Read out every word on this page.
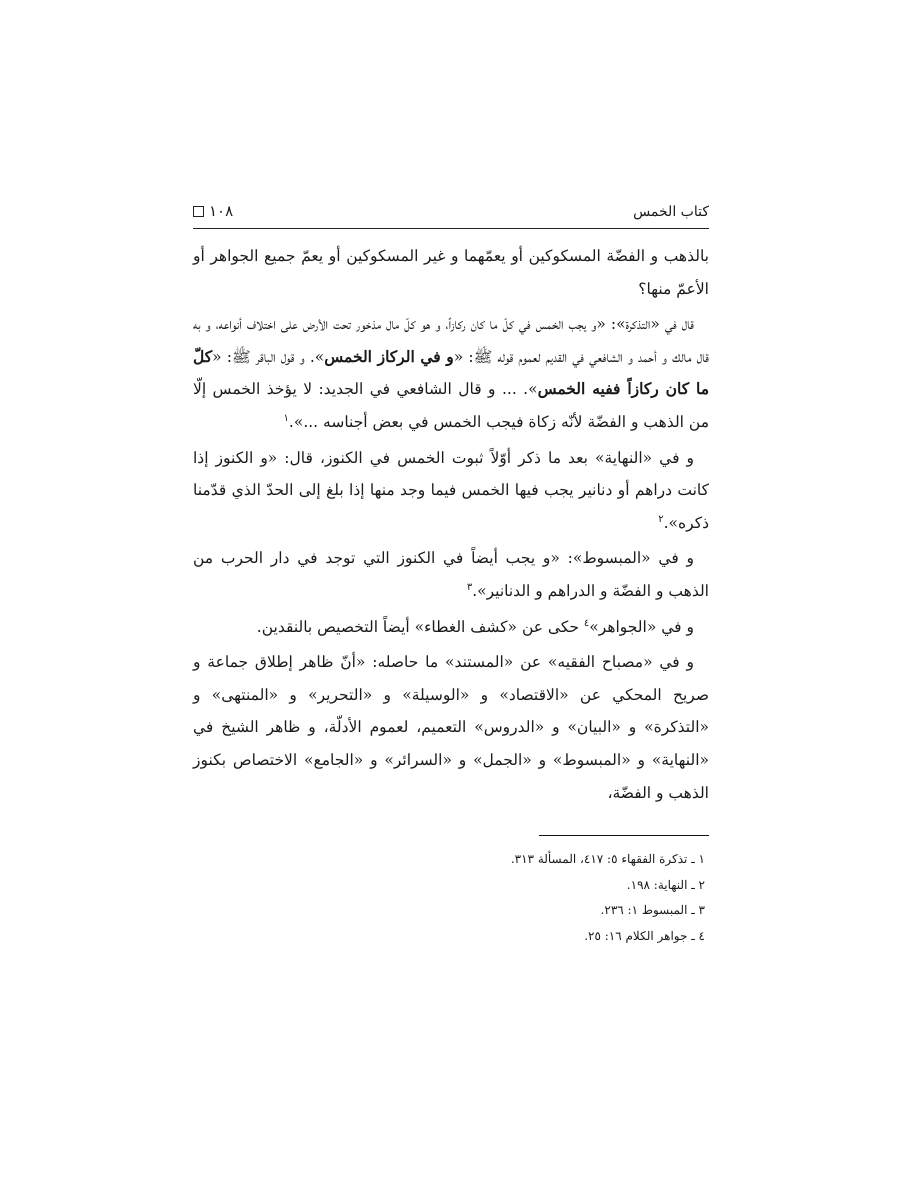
كتاب الخمس
١٠٨

بالذهب و الفضّة المسكوكين أو يعمّهما و غير المسكوكين أو يعمّ جميع الجواهر أو الأعمّ منها؟

قال في «التذكرة»: «و يجب الخمس في كلّ ما كان ركازاً، و هو كلّ مال مذخور تحت الأرض على اختلاف أنواعه، و به قال مالك و أحمد و الشافعي في القديم لعموم قوله ﷺ: «و في الركاز الخمس». و قول الباقر ﷺ: «كلّ ما كان ركازاً ففيه الخمس». ... و قال الشافعي في الجديد: لا يؤخذ الخمس إلّا من الذهب و الفضّة لأنّه زكاة فيجب الخمس في بعض أجناسه ...».$^١$

و في «النهاية» بعد ما ذكر أوّلاً ثبوت الخمس في الكنوز، قال: «و الكنوز إذا كانت دراهم أو دنانير يجب فيها الخمس فيما وجد منها إذا بلغ إلى الحدّ الذي قدّمنا ذكره».$^٢$

و في «المبسوط»: «و يجب أيضاً في الكنوز التي توجد في دار الحرب من الذهب و الفضّة و الدراهم و الدنانير».$^٣$

و في «الجواهر»$^٤$ حكى عن «كشف الغطاء» أيضاً التخصيص بالنقدين.

و في «مصباح الفقيه» عن «المستند» ما حاصله: «أنّ ظاهر إطلاق جماعة و صريح المحكي عن «الاقتصاد» و «الوسيلة» و «التحرير» و «المنتهى» و «التذكرة» و «البيان» و «الدروس» التعميم، لعموم الأدلّة، و ظاهر الشيخ في «النهاية» و «المبسوط» و «الجمل» و «السرائر» و «الجامع» الاختصاص بكنوز الذهب و الفضّة،

١ ـ تذكرة الفقهاء ٥: ٤١٧، المسألة ٣١٣.
٢ ـ النهاية: ١٩٨.
٣ ـ المبسوط ١: ٢٣٦.
٤ ـ جواهر الكلام ١٦: ٢٥.
